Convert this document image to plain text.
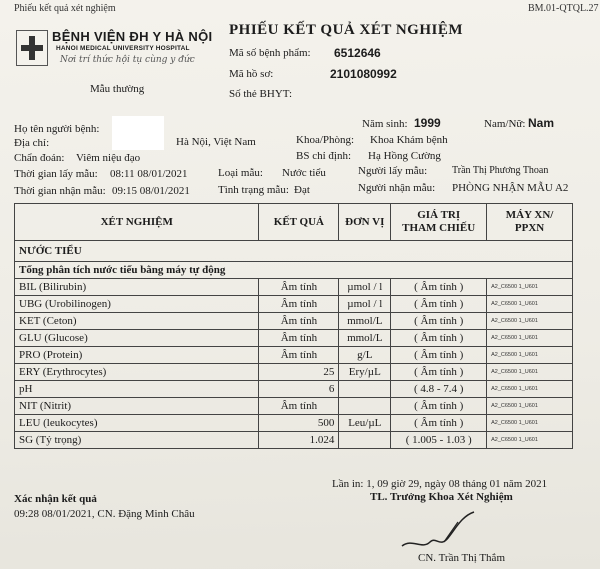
Phiếu kết quả xét nghiệm	BM.01-QTQL.27
BỆNH VIỆN ĐH Y HÀ NỘI
HANOI MEDICAL UNIVERSITY HOSPITAL
Nơi trí thức hội tụ cùng y đức
Mẫu thường
PHIẾU KẾT QUẢ XÉT NGHIỆM
Mã số bệnh phẩm: 6512646
Mã hồ sơ:	2101080992
Số thẻ BHYT:
Họ tên người bệnh:	Năm sinh: 1999	Nam/Nữ: Nam
Địa chỉ:	Hà Nội, Việt Nam	Khoa/Phòng: Khoa Khám bệnh
Chẩn đoán: Viêm niệu đạo	BS chỉ định: Hạ Hồng Cường
Thời gian lấy mẫu: 08:11 08/01/2021	Loại mẫu: Nước tiểu	Người lấy mẫu: Trần Thị Phương Thoan
Thời gian nhận mẫu: 09:15 08/01/2021	Tình trạng mẫu: Đạt	Người nhận mẫu: PHÒNG NHẬN MẪU A2
XÉT NGHIỆM	KẾT QUẢ	ĐƠN VỊ	GIÁ TRỊ
THAM CHIẾU	MÁY XN/
PPXN
NƯỚC TIỂU				
Tổng phân tích nước tiểu bằng máy tự động				
BIL (Bilirubin)	Âm tính	µmol / l	( Âm tính )	A2_C6500 1_U601
UBG (Urobilinogen)	Âm tính	µmol / l	( Âm tính )	A2_C6500 1_U601
KET (Ceton)	Âm tính	mmol/L	( Âm tính )	A2_C6500 1_U601
GLU (Glucose)	Âm tính	mmol/L	( Âm tính )	A2_C6500 1_U601
PRO (Protein)	Âm tính	g/L	( Âm tính )	A2_C6500 1_U601
ERY (Erythrocytes)	25	Ery/µL	( Âm tính )	A2_C6500 1_U601
pH	6		( 4.8 - 7.4 )	A2_C6500 1_U601
NIT (Nitrit)	Âm tính		( Âm tính )	A2_C6500 1_U601
LEU (leukocytes)	500	Leu/µL	( Âm tính )	A2_C6500 1_U601
SG (Tỷ trọng)	1.024		( 1.005 - 1.03 )	A2_C6500 1_U601
Lần in: 1, 09 giờ 29, ngày 08 tháng 01 năm 2021
TL. Trưởng Khoa Xét Nghiệm
Xác nhận kết quả
09:28 08/01/2021, CN. Đặng Minh Châu
CN. Trần Thị Thắm
